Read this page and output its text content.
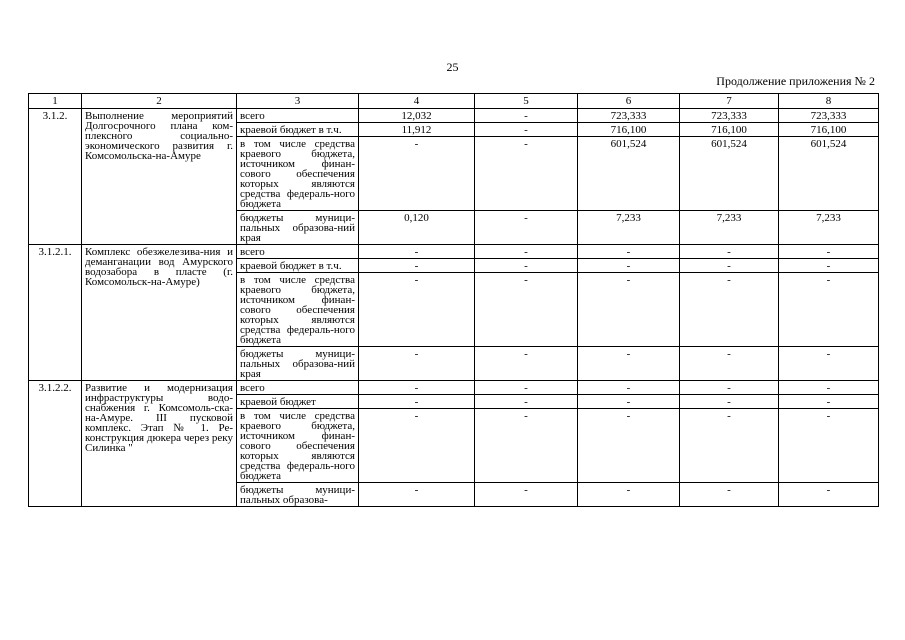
25
Продолжение приложения № 2
1	2	3	4	5	6	7	8
3.1.2.	Выполнение мероприятий Долгосрочного плана ком-плексного социально-экономического развития г. Комсомольска-на-Амуре	всего	12,032	-	723,333	723,333	723,333
		краевой бюджет в т.ч.	11,912	-	716,100	716,100	716,100
		в том числе средства краевого бюджета, источником финан-сового обеспечения которых являются средства федераль-ного бюджета	-	-	601,524	601,524	601,524
		бюджеты муници-пальных образова-ний края	0,120	-	7,233	7,233	7,233
3.1.2.1.	Комплекс обезжелезива-ния и деманганации вод Амурского водозабора в пласте (г. Комсомольск-на-Амуре)	всего	-	-	-	-	-
		краевой бюджет в т.ч.	-	-	-	-	-
		в том числе средства краевого бюджета, источником финан-сового обеспечения которых являются средства федераль-ного бюджета	-	-	-	-	-
		бюджеты муници-пальных образова-ний края	-	-	-	-	-
3.1.2.2.	Развитие и модернизация инфраструктуры водо-снабжения г. Комсомоль-ска-на-Амуре. III пусковой комплекс. Этап № 1. Ре-конструкция дюкера через реку Силинка "	всего	-	-	-	-	-
		краевой бюджет	-	-	-	-	-
		в том числе средства краевого бюджета, источником финан-сового обеспечения которых являются средства федераль-ного бюджета	-	-	-	-	-
		бюджеты муници-пальных образова-	-	-	-	-	-
